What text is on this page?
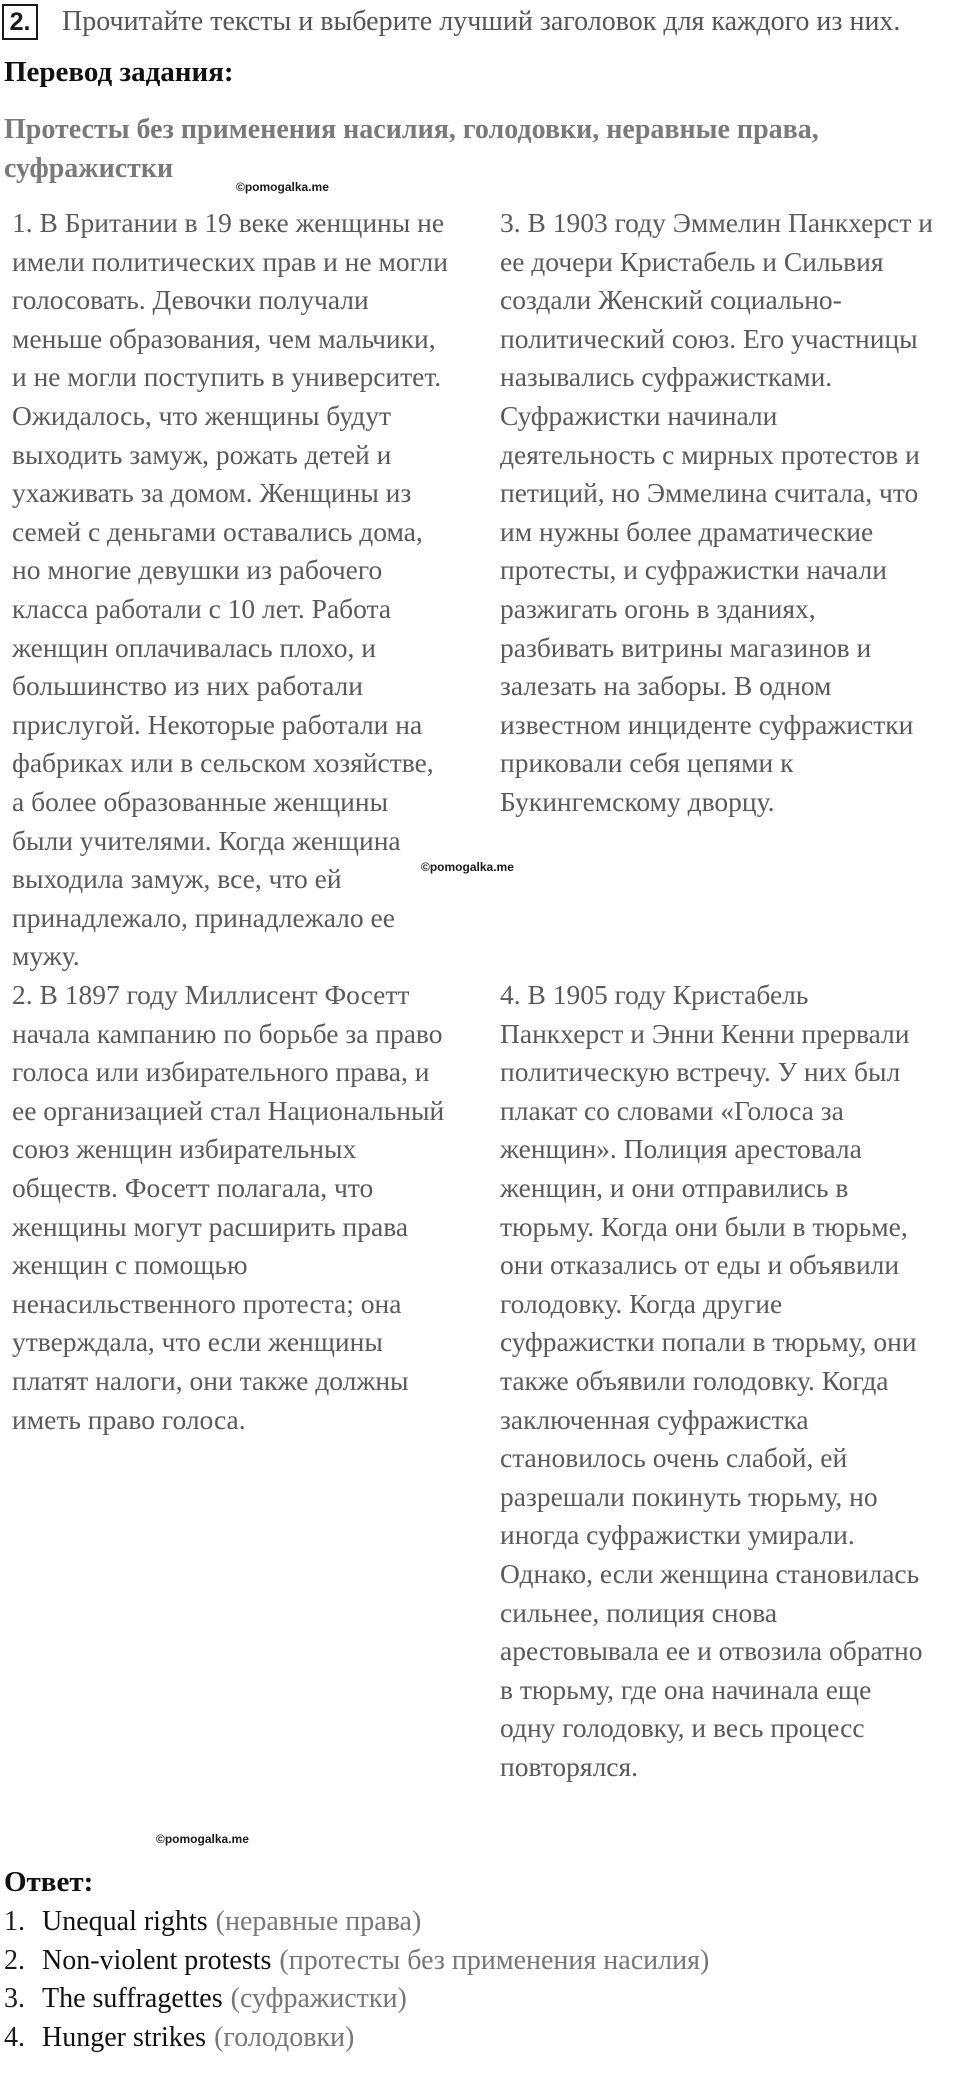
2. Прочитайте тексты и выберите лучший заголовок для каждого из них.
Перевод задания:
Протесты без применения насилия, голодовки, неравные права, суфражистки
©pomogalka.me

1. В Британии в 19 веке женщины не
имели политических прав и не могли
голосовать. Девочки получали
меньше образования, чем мальчики,
и не могли поступить в университет.
Ожидалось, что женщины будут
выходить замуж, рожать детей и
ухаживать за домом. Женщины из
семей с деньгами оставались дома,
но многие девушки из рабочего
класса работали с 10 лет. Работа
женщин оплачивалась плохо, и
большинство из них работали
прислугой. Некоторые работали на
фабриках или в сельском хозяйстве,
а более образованные женщины
были учителями. Когда женщина
выходила замуж, все, что ей
принадлежало, принадлежало ее
мужу.

3. В 1903 году Эммелин Панкхерст и
ее дочери Кристабель и Сильвия
создали Женский социально-
политический союз. Его участницы
назывались суфражистками.
Суфражистки начинали
деятельность с мирных протестов и
петиций, но Эммелина считала, что
им нужны более драматические
протесты, и суфражистки начали
разжигать огонь в зданиях,
разбивать витрины магазинов и
залезать на заборы. В одном
известном инциденте суфражистки
приковали себя цепями к
Букингемскому дворцу.

©pomogalka.me

2. В 1897 году Миллисент Фосетт
начала кампанию по борьбе за право
голоса или избирательного права, и
ее организацией стал Национальный
союз женщин избирательных
обществ. Фосетт полагала, что
женщины могут расширить права
женщин с помощью
ненасильственного протеста; она
утверждала, что если женщины
платят налоги, они также должны
иметь право голоса.

4. В 1905 году Кристабель
Панкхерст и Энни Кенни прервали
политическую встречу. У них был
плакат со словами «Голоса за
женщин». Полиция арестовала
женщин, и они отправились в
тюрьму. Когда они были в тюрьме,
они отказались от еды и объявили
голодовку. Когда другие
суфражистки попали в тюрьму, они
также объявили голодовку. Когда
заключенная суфражистка
становилось очень слабой, ей
разрешали покинуть тюрьму, но
иногда суфражистки умирали.
Однако, если женщина становилась
сильнее, полиция снова
арестовывала ее и отвозила обратно
в тюрьму, где она начинала еще
одну голодовку, и весь процесс
повторялся.

©pomogalka.me
Ответ:
1. Unequal rights (неравные права)
2. Non-violent protests (протесты без применения насилия)
3. The suffragettes (суфражистки)
4. Hunger strikes (голодовки)
